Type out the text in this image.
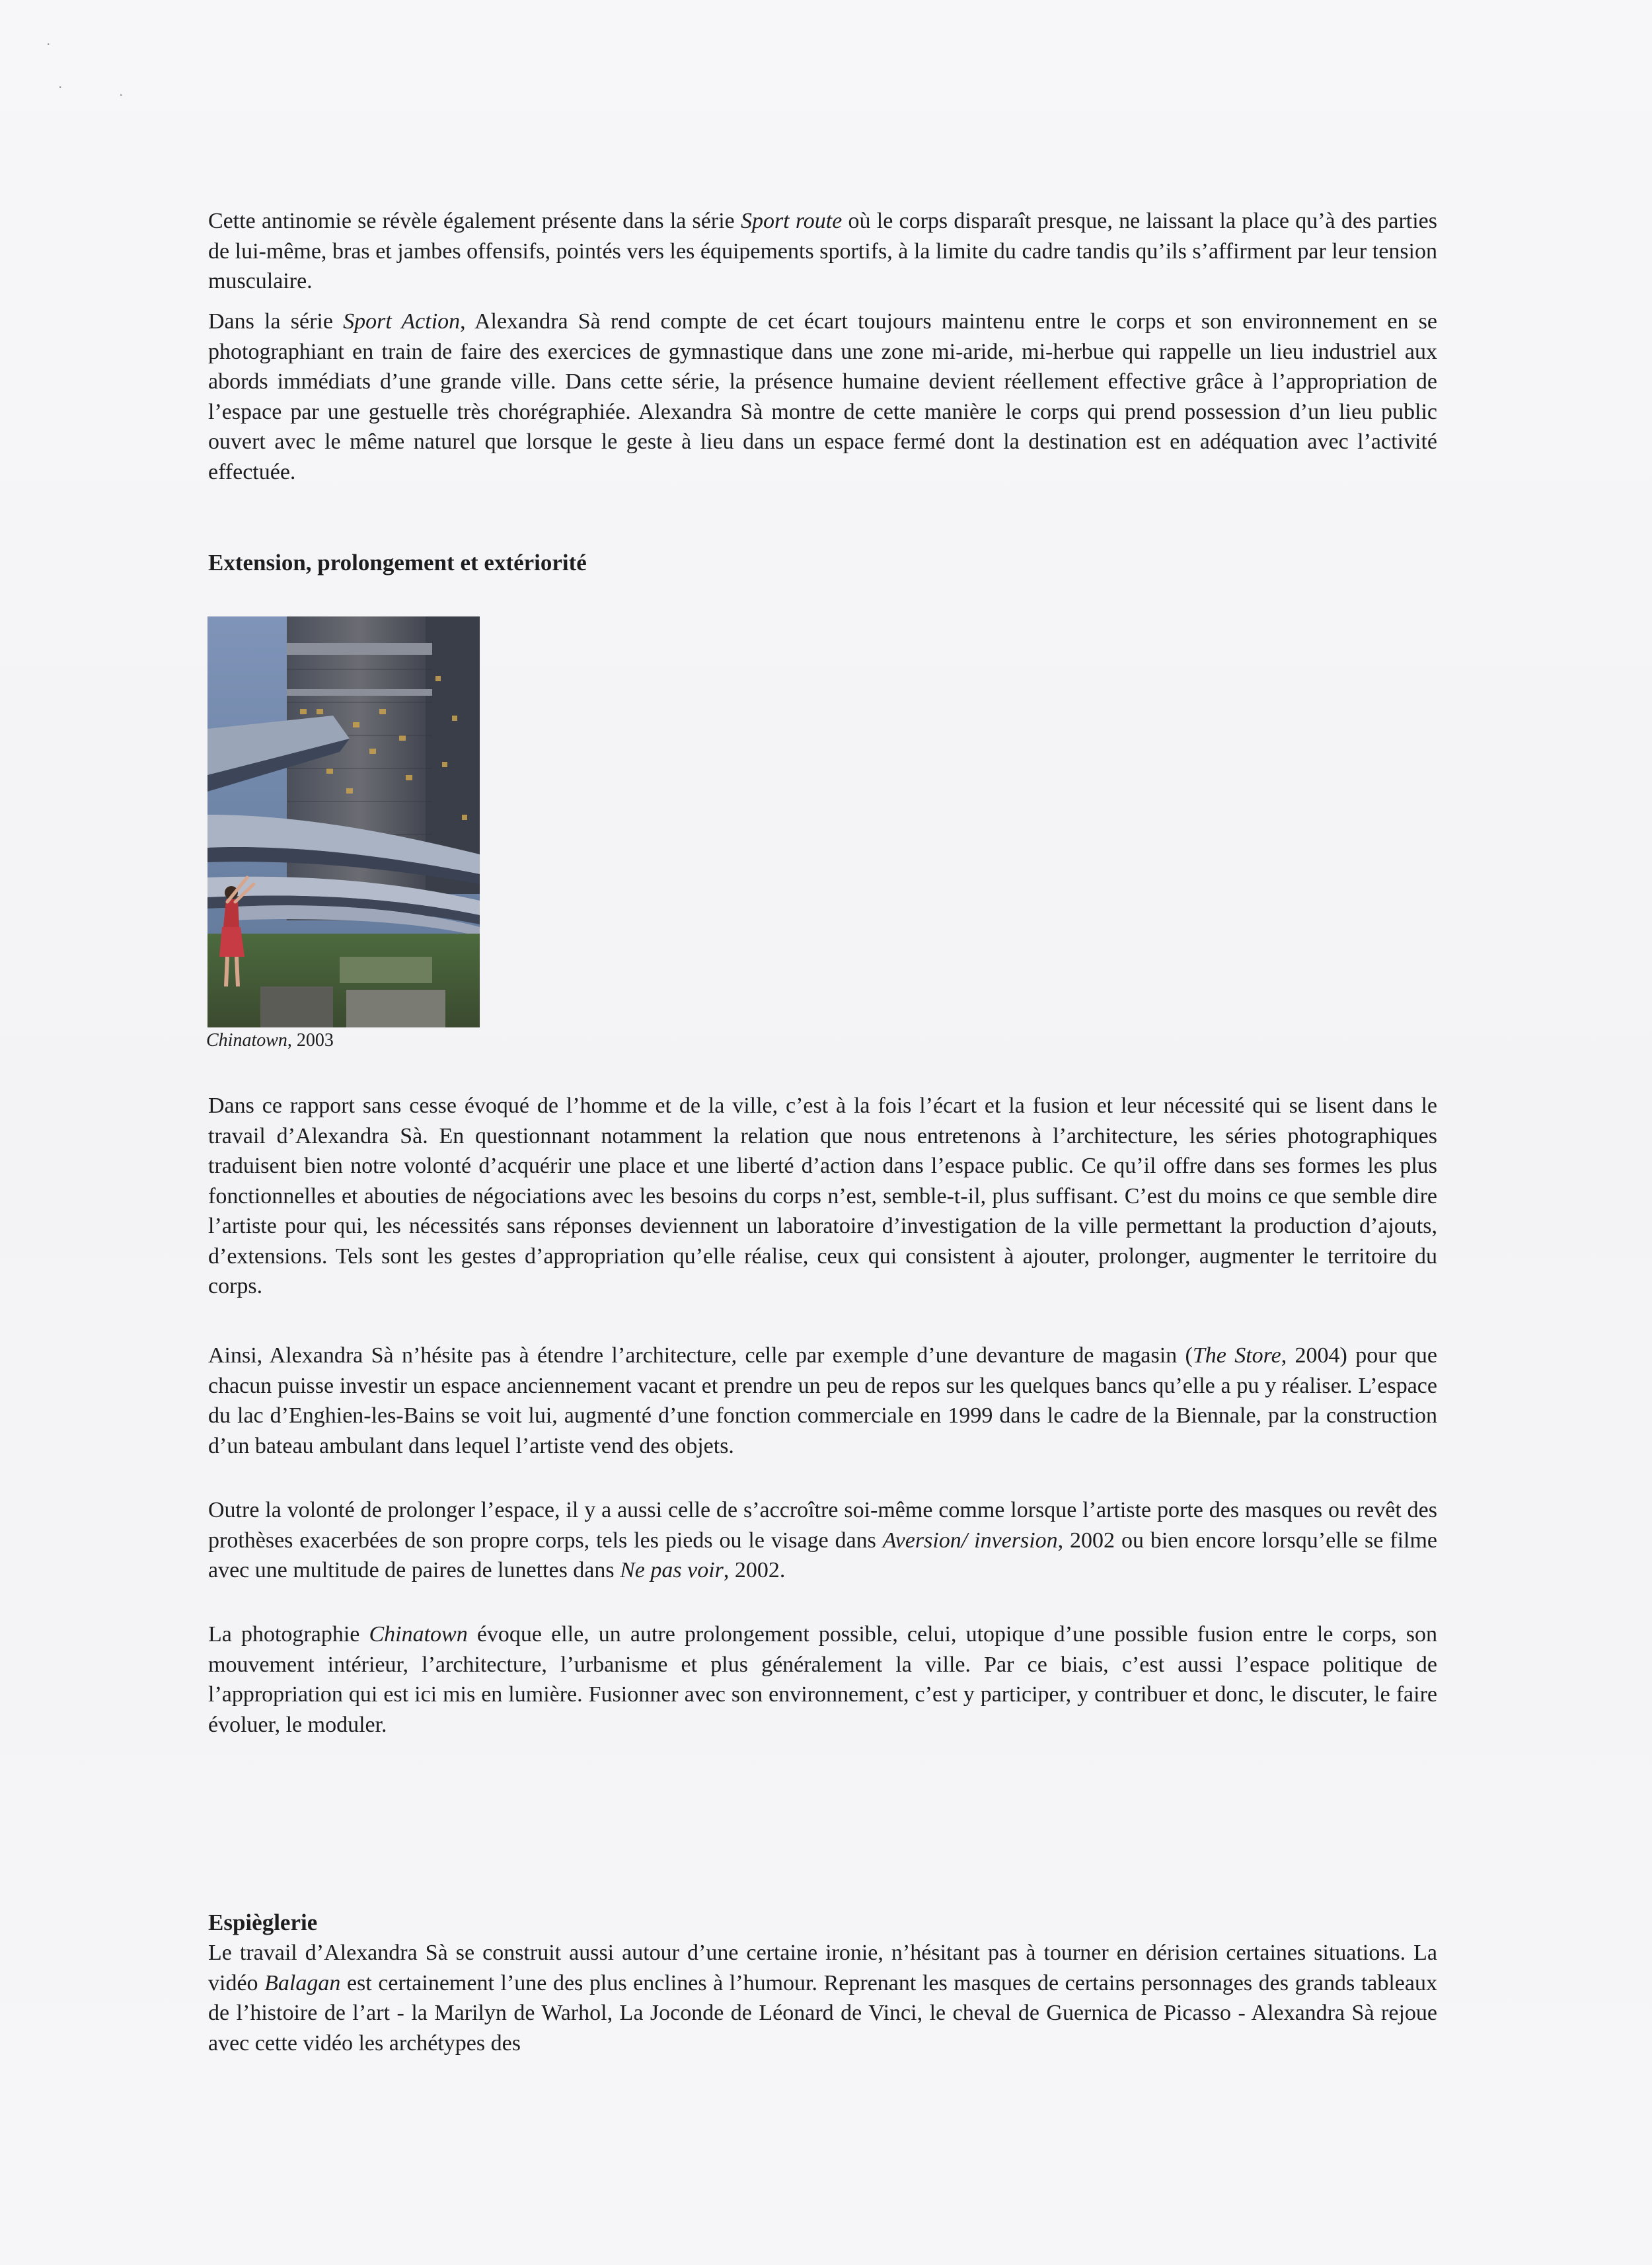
·
·	·

Cette antinomie se révèle également présente dans la série Sport route où le corps disparaît presque, ne laissant la place qu’à des parties de lui-même, bras et jambes offensifs, pointés vers les équipements sportifs, à la limite du cadre tandis qu’ils s’affirment par leur tension musculaire.

Dans la série Sport Action, Alexandra Sà rend compte de cet écart toujours maintenu entre le corps et son environnement en se photographiant en train de faire des exercices de gymnastique dans une zone mi-aride, mi-herbue qui rappelle un lieu industriel aux abords immédiats d’une grande ville. Dans cette série, la présence humaine devient réellement effective grâce à l’appropriation de l’espace par une gestuelle très chorégraphiée. Alexandra Sà montre de cette manière le corps qui prend possession d’un lieu public ouvert avec le même naturel que lorsque le geste à lieu dans un espace fermé dont la destination est en adéquation avec l’activité effectuée.

Extension, prolongement et extériorité

Chinatown, 2003

Dans ce rapport sans cesse évoqué de l’homme et de la ville, c’est à la fois l’écart et la fusion et leur nécessité qui se lisent dans le travail d’Alexandra Sà. En questionnant notamment la relation que nous entretenons à l’architecture, les séries photographiques traduisent bien notre volonté d’acquérir une place et une liberté d’action dans l’espace public. Ce qu’il offre dans ses formes les plus fonctionnelles et abouties de négociations avec les besoins du corps n’est, semble-t-il, plus suffisant. C’est du moins ce que semble dire l’artiste pour qui, les nécessités sans réponses deviennent un laboratoire d’investigation de la ville permettant la production d’ajouts, d’extensions. Tels sont les gestes d’appropriation qu’elle réalise, ceux qui consistent à ajouter, prolonger, augmenter le territoire du corps.

Ainsi, Alexandra Sà n’hésite pas à étendre l’architecture, celle par exemple d’une devanture de magasin (The Store, 2004) pour que chacun puisse investir un espace anciennement vacant et prendre un peu de repos sur les quelques bancs qu’elle a pu y réaliser. L’espace du lac d’Enghien-les-Bains se voit lui, augmenté d’une fonction commerciale en 1999 dans le cadre de la Biennale, par la construction d’un bateau ambulant dans lequel l’artiste vend des objets.

Outre la volonté de prolonger l’espace, il y a aussi celle de s’accroître soi-même comme lorsque l’artiste porte des masques ou revêt des prothèses exacerbées de son propre corps, tels les pieds ou le visage dans Aversion/ inversion, 2002 ou bien encore lorsqu’elle se filme avec une multitude de paires de lunettes dans Ne pas voir, 2002.

La photographie Chinatown évoque elle, un autre prolongement possible, celui, utopique d’une possible fusion entre le corps, son mouvement intérieur, l’architecture, l’urbanisme et plus généralement la ville. Par ce biais, c’est aussi l’espace politique de l’appropriation qui est ici mis en lumière. Fusionner avec son environnement, c’est y participer, y contribuer et donc, le discuter, le faire évoluer, le moduler.

Espièglerie

Le travail d’Alexandra Sà se construit aussi autour d’une certaine ironie, n’hésitant pas à tourner en dérision certaines situations. La vidéo Balagan est certainement l’une des plus enclines à l’humour. Reprenant les masques de certains personnages des grands tableaux de l’histoire de l’art - la Marilyn de Warhol, La Joconde de Léonard de Vinci, le cheval de Guernica de Picasso - Alexandra Sà rejoue avec cette vidéo les archétypes des
